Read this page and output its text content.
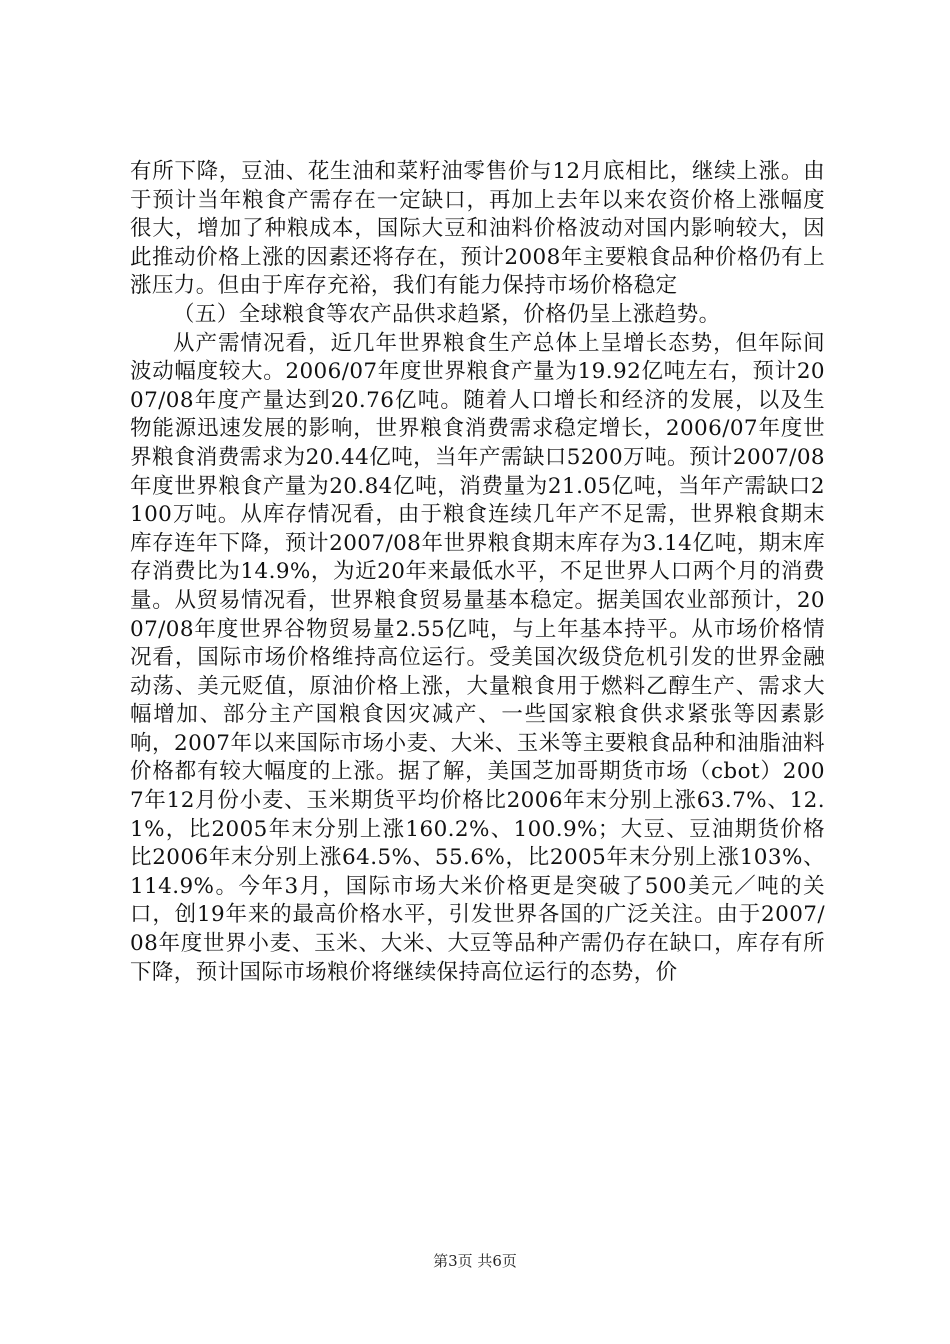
有所下降，豆油、花生油和菜籽油零售价与12月底相比，继续上涨。由于预计当年粮食产需存在一定缺口，再加上去年以来农资价格上涨幅度很大，增加了种粮成本，国际大豆和油料价格波动对国内影响较大，因此推动价格上涨的因素还将存在，预计2008年主要粮食品种价格仍有上涨压力。但由于库存充裕，我们有能力保持市场价格稳定

（五）全球粮食等农产品供求趋紧，价格仍呈上涨趋势。

从产需情况看，近几年世界粮食生产总体上呈增长态势，但年际间波动幅度较大。2006/07年度世界粮食产量为19.92亿吨左右，预计2007/08年度产量达到20.76亿吨。随着人口增长和经济的发展，以及生物能源迅速发展的影响，世界粮食消费需求稳定增长，2006/07年度世界粮食消费需求为20.44亿吨，当年产需缺口5200万吨。预计2007/08年度世界粮食产量为20.84亿吨，消费量为21.05亿吨，当年产需缺口2100万吨。从库存情况看，由于粮食连续几年产不足需，世界粮食期末库存连年下降，预计2007/08年世界粮食期末库存为3.14亿吨，期末库存消费比为14.9%，为近20年来最低水平，不足世界人口两个月的消费量。从贸易情况看，世界粮食贸易量基本稳定。据美国农业部预计，2007/08年度世界谷物贸易量2.55亿吨，与上年基本持平。从市场价格情况看，国际市场价格维持高位运行。受美国次级贷危机引发的世界金融动荡、美元贬值，原油价格上涨，大量粮食用于燃料乙醇生产、需求大幅增加、部分主产国粮食因灾减产、一些国家粮食供求紧张等因素影响，2007年以来国际市场小麦、大米、玉米等主要粮食品种和油脂油料价格都有较大幅度的上涨。据了解，美国芝加哥期货市场（cbot）2007年12月份小麦、玉米期货平均价格比2006年末分别上涨63.7%、12.1%，比2005年末分别上涨160.2%、100.9%；大豆、豆油期货价格比2006年末分别上涨64.5%、55.6%，比2005年末分别上涨103%、114.9%。今年3月，国际市场大米价格更是突破了500美元／吨的关口，创19年来的最高价格水平，引发世界各国的广泛关注。由于2007/08年度世界小麦、玉米、大米、大豆等品种产需仍存在缺口，库存有所下降，预计国际市场粮价将继续保持高位运行的态势，价

第3页 共6页
